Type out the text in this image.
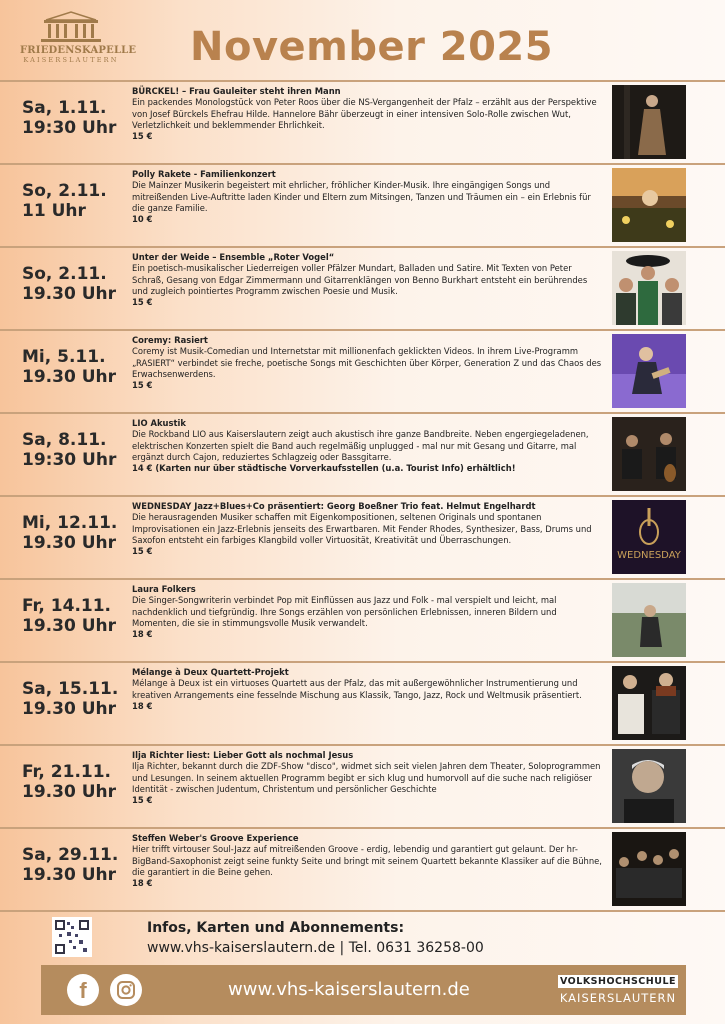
FRIEDENSKAPELLE
KAISERSLAUTERN November 2025
Sa, 1.11.
19:30 Uhr
BÜRCKEL! – Frau Gauleiter steht ihren Mann
Ein packendes Monologstück von Peter Roos über die NS-Vergangenheit der Pfalz – erzählt aus der Perspektive von Josef Bürckels Ehefrau Hilde. Hannelore Bähr überzeugt in einer intensiven Solo-Rolle zwischen Wut, Verletzlichkeit und beklemmender Ehrlichkeit.
15 €
So, 2.11.
11 Uhr
Polly Rakete - Familienkonzert
Die Mainzer Musikerin begeistert mit ehrlicher, fröhlicher Kinder-Musik. Ihre eingängigen Songs und mitreißenden Live-Auftritte laden Kinder und Eltern zum Mitsingen, Tanzen und Träumen ein – ein Erlebnis für die ganze Familie.
10 €
So, 2.11.
19.30 Uhr
Unter der Weide – Ensemble „Roter Vogel“
Ein poetisch-musikalischer Liederreigen voller Pfälzer Mundart, Balladen und Satire. Mit Texten von Peter Schraß, Gesang von Edgar Zimmermann und Gitarrenklängen von Benno Burkhart entsteht ein berührendes und zugleich pointiertes Programm zwischen Poesie und Musik.
15 €
Mi, 5.11.
19.30 Uhr
Coremy: Rasiert
Coremy ist Musik-Comedian und Internetstar mit millionenfach geklickten Videos. In ihrem Live-Programm „RASIERT“ verbindet sie freche, poetische Songs mit Geschichten über Körper, Generation Z und das Chaos des Erwachsenwerdens.
15 €
Sa, 8.11.
19:30 Uhr
LIO Akustik
Die Rockband LIO aus Kaiserslautern zeigt auch akustisch ihre ganze Bandbreite. Neben engergiegeladenen, elektrischen Konzerten spielt die Band auch regelmäßig unplugged - mal nur mit Gesang und Gitarre, mal ergänzt durch Cajon, reduziertes Schlagzeig oder Bassgitarre.
14 € (Karten nur über städtische Vorverkaufsstellen (u.a. Tourist Info) erhältlich!
Mi, 12.11.
19.30 Uhr
WEDNESDAY Jazz+Blues+Co präsentiert: Georg Boeßner Trio feat. Helmut Engelhardt
Die herausragenden Musiker schaffen mit Eigenkompositionen, seltenen Originals und spontanen Improvisationen ein Jazz-Erlebnis jenseits des Erwartbaren. Mit Fender Rhodes, Synthesizer, Bass, Drums und Saxofon entsteht ein farbiges Klangbild voller Virtuosität, Kreativität und Überraschungen.
15 €	WEDNESDAY
Fr, 14.11.
19.30 Uhr
Laura Folkers
Die Singer-Songwriterin verbindet Pop mit Einflüssen aus Jazz und Folk - mal verspielt und leicht, mal nachdenklich und tiefgründig. Ihre Songs erzählen von persönlichen Erlebnissen, inneren Bildern und Momenten, die sie in stimmungsvolle Musik verwandelt.
18 €
Sa, 15.11.
19.30 Uhr
Mélange à Deux Quartett-Projekt
Mélange à Deux ist ein virtuoses Quartett aus der Pfalz, das mit außergewöhnlicher Instrumentierung und kreativen Arrangements eine fesselnde Mischung aus Klassik, Tango, Jazz, Rock und Weltmusik präsentiert.
18 €
Fr, 21.11.
19.30 Uhr
Ilja Richter liest: Lieber Gott als nochmal Jesus
Ilja Richter, bekannt durch die ZDF-Show "disco", widmet sich seit vielen Jahren dem Theater, Soloprogrammen und Lesungen. In seinem aktuellen Programm begibt er sich klug und humorvoll auf die suche nach religiöser Identität - zwischen Judentum, Christentum und persönlicher Geschichte
15 €
Sa, 29.11.
19.30 Uhr
Steffen Weber's Groove Experience
Hier trifft virtouser Soul-Jazz auf mitreißenden Groove - erdig, lebendig und garantiert gut gelaunt. Der hr-BigBand-Saxophonist zeigt seine funkty Seite und bringt mit seinem Quartett bekannte Klassiker auf die Bühne, die garantiert in die Beine gehen.
18 €
Infos, Karten und Abonnements:
www.vhs-kaiserslautern.de | Tel. 0631 36258-00
f	www.vhs-kaiserslautern.de	VOLKSHOCHSCHULE
KAISERSLAUTERN
